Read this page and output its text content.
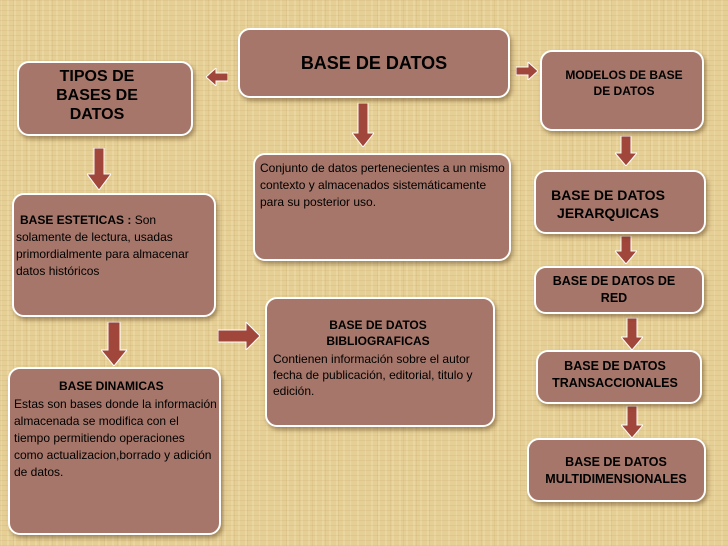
BASE DE DATOS
TIPOS DE BASES DE DATOS
MODELOS DE BASE DE DATOS
Conjunto de datos pertenecientes a un mismo contexto y almacenados sistemáticamente para su posterior uso.
BASE ESTETICAS : Son solamente de lectura, usadas primordialmente para almacenar datos históricos
BASE DE DATOS JERARQUICAS
BASE DE DATOS DE RED
BASE DE DATOS BIBLIOGRAFICAS
Contienen información sobre el autor fecha de publicación, editorial, titulo y edición.
BASE DE DATOS TRANSACCIONALES
BASE DINAMICAS
Estas son bases donde la información almacenada se modifica con el tiempo permitiendo operaciones como actualizacion,borrado y adición de datos.
BASE DE DATOS MULTIDIMENSIONALES
